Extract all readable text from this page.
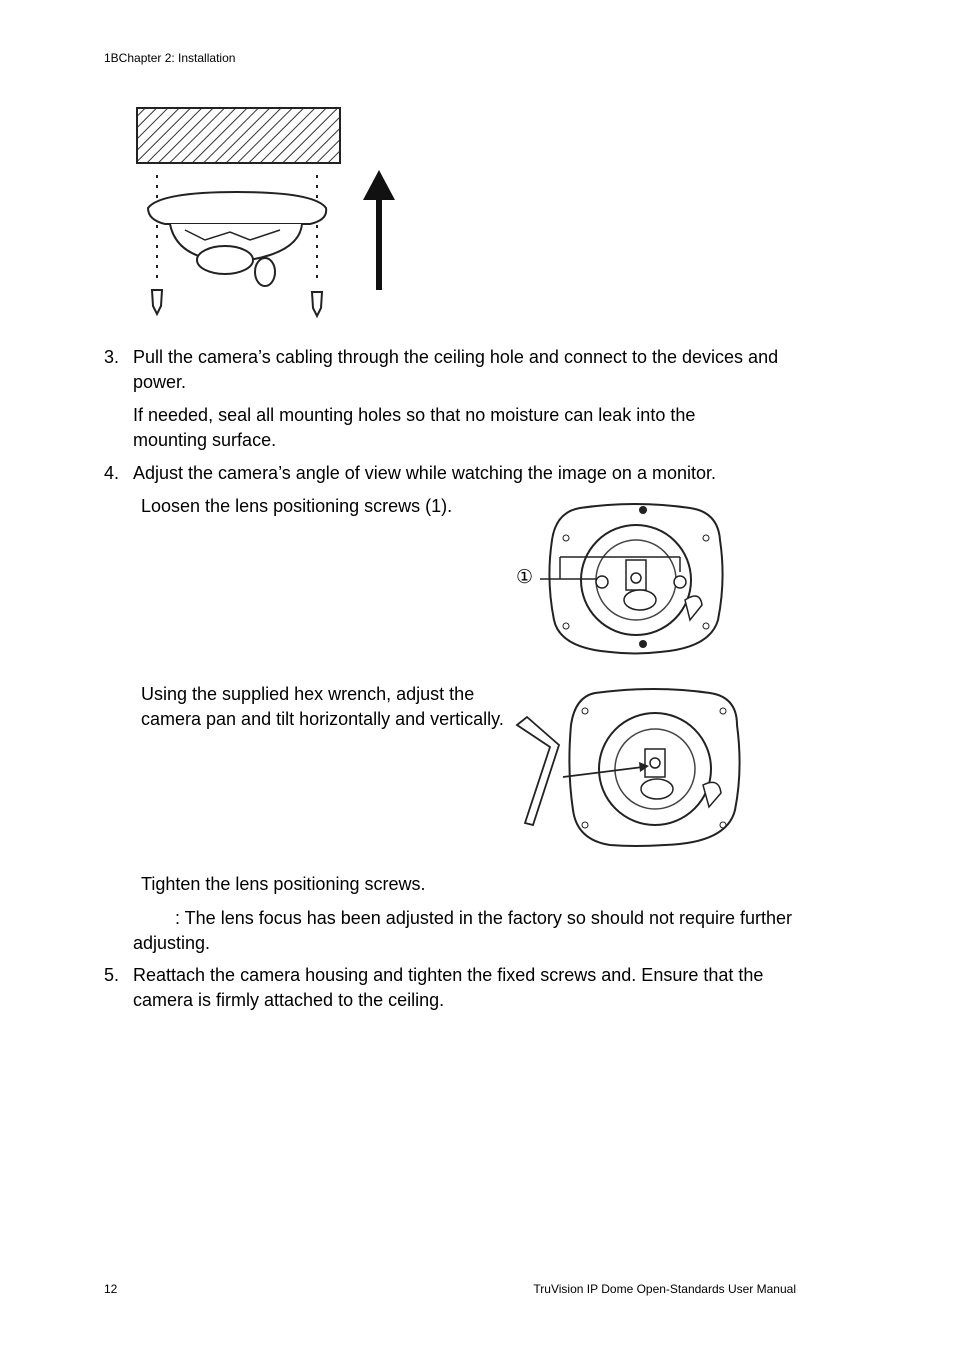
1BChapter 2: Installation
3. Pull the camera’s cabling through the ceiling hole and connect to the devices and power.

If needed, seal all mounting holes so that no moisture can leak into the mounting surface.

4. Adjust the camera’s angle of view while watching the image on a monitor.

Loosen the lens positioning screws (1).

①

Using the supplied hex wrench, adjust the camera pan and tilt horizontally and vertically.

Tighten the lens positioning screws.

: The lens focus has been adjusted in the factory so should not require further adjusting.

5. Reattach the camera housing and tighten the fixed screws and. Ensure that the camera is firmly attached to the ceiling.

12	TruVision IP Dome Open-Standards User Manual
